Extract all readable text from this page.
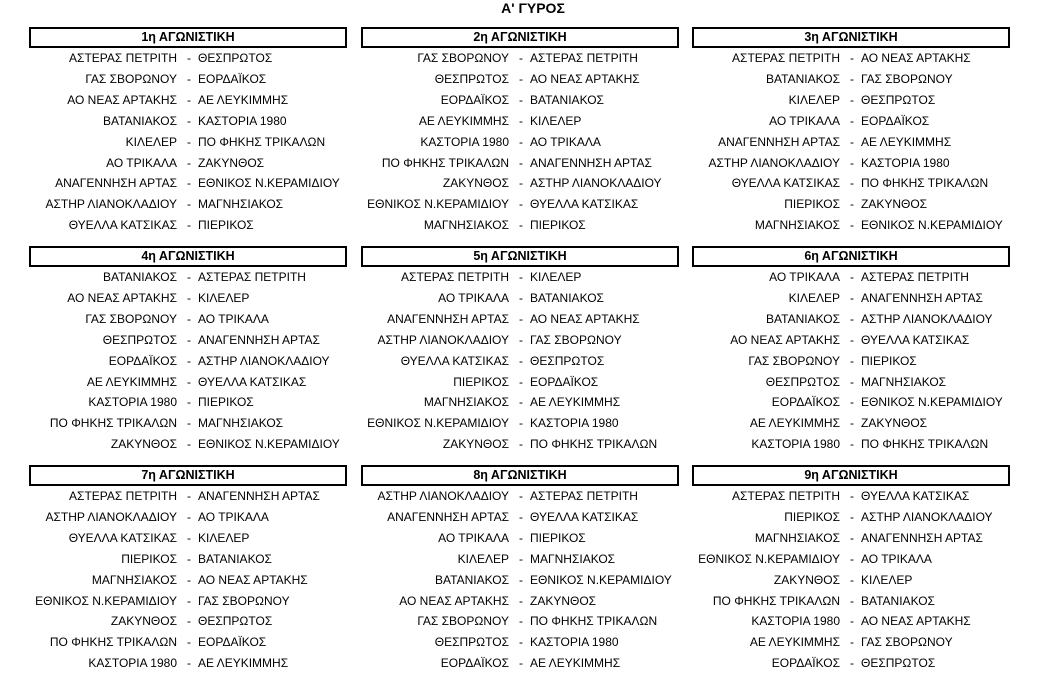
Α' ΓΥΡΟΣ
1η ΑΓΩΝΙΣΤΙΚΗ
ΑΣΤΕΡΑΣ ΠΕΤΡΙΤΗ - ΘΕΣΠΡΩΤΟΣ
ΓΑΣ ΣΒΟΡΩΝΟΥ - ΕΟΡΔΑΪΚΟΣ
ΑΟ ΝΕΑΣ ΑΡΤΑΚΗΣ - ΑΕ ΛΕΥΚΙΜΜΗΣ
ΒΑΤΑΝΙΑΚΟΣ - ΚΑΣΤΟΡΙΑ 1980
ΚΙΛΕΛΕΡ - ΠΟ ΦΗΚΗΣ ΤΡΙΚΑΛΩΝ
ΑΟ ΤΡΙΚΑΛΑ - ΖΑΚΥΝΘΟΣ
ΑΝΑΓΕΝΝΗΣΗ ΑΡΤΑΣ - ΕΘΝΙΚΟΣ Ν.ΚΕΡΑΜΙΔΙΟΥ
ΑΣΤΗΡ ΛΙΑΝΟΚΛΑΔΙΟΥ - ΜΑΓΝΗΣΙΑΚΟΣ
ΘΥΕΛΛΑ ΚΑΤΣΙΚΑΣ - ΠΙΕΡΙΚΟΣ
2η ΑΓΩΝΙΣΤΙΚΗ
ΓΑΣ ΣΒΟΡΩΝΟΥ - ΑΣΤΕΡΑΣ ΠΕΤΡΙΤΗ
ΘΕΣΠΡΩΤΟΣ - ΑΟ ΝΕΑΣ ΑΡΤΑΚΗΣ
ΕΟΡΔΑΪΚΟΣ - ΒΑΤΑΝΙΑΚΟΣ
ΑΕ ΛΕΥΚΙΜΜΗΣ - ΚΙΛΕΛΕΡ
ΚΑΣΤΟΡΙΑ 1980 - ΑΟ ΤΡΙΚΑΛΑ
ΠΟ ΦΗΚΗΣ ΤΡΙΚΑΛΩΝ - ΑΝΑΓΕΝΝΗΣΗ ΑΡΤΑΣ
ΖΑΚΥΝΘΟΣ - ΑΣΤΗΡ ΛΙΑΝΟΚΛΑΔΙΟΥ
ΕΘΝΙΚΟΣ Ν.ΚΕΡΑΜΙΔΙΟΥ - ΘΥΕΛΛΑ ΚΑΤΣΙΚΑΣ
ΜΑΓΝΗΣΙΑΚΟΣ - ΠΙΕΡΙΚΟΣ
3η ΑΓΩΝΙΣΤΙΚΗ
ΑΣΤΕΡΑΣ ΠΕΤΡΙΤΗ - ΑΟ ΝΕΑΣ ΑΡΤΑΚΗΣ
ΒΑΤΑΝΙΑΚΟΣ - ΓΑΣ ΣΒΟΡΩΝΟΥ
ΚΙΛΕΛΕΡ - ΘΕΣΠΡΩΤΟΣ
ΑΟ ΤΡΙΚΑΛΑ - ΕΟΡΔΑΪΚΟΣ
ΑΝΑΓΕΝΝΗΣΗ ΑΡΤΑΣ - ΑΕ ΛΕΥΚΙΜΜΗΣ
ΑΣΤΗΡ ΛΙΑΝΟΚΛΑΔΙΟΥ - ΚΑΣΤΟΡΙΑ 1980
ΘΥΕΛΛΑ ΚΑΤΣΙΚΑΣ - ΠΟ ΦΗΚΗΣ ΤΡΙΚΑΛΩΝ
ΠΙΕΡΙΚΟΣ - ΖΑΚΥΝΘΟΣ
ΜΑΓΝΗΣΙΑΚΟΣ - ΕΘΝΙΚΟΣ Ν.ΚΕΡΑΜΙΔΙΟΥ
4η ΑΓΩΝΙΣΤΙΚΗ
ΒΑΤΑΝΙΑΚΟΣ - ΑΣΤΕΡΑΣ ΠΕΤΡΙΤΗ
ΑΟ ΝΕΑΣ ΑΡΤΑΚΗΣ - ΚΙΛΕΛΕΡ
ΓΑΣ ΣΒΟΡΩΝΟΥ - ΑΟ ΤΡΙΚΑΛΑ
ΘΕΣΠΡΩΤΟΣ - ΑΝΑΓΕΝΝΗΣΗ ΑΡΤΑΣ
ΕΟΡΔΑΪΚΟΣ - ΑΣΤΗΡ ΛΙΑΝΟΚΛΑΔΙΟΥ
ΑΕ ΛΕΥΚΙΜΜΗΣ - ΘΥΕΛΛΑ ΚΑΤΣΙΚΑΣ
ΚΑΣΤΟΡΙΑ 1980 - ΠΙΕΡΙΚΟΣ
ΠΟ ΦΗΚΗΣ ΤΡΙΚΑΛΩΝ - ΜΑΓΝΗΣΙΑΚΟΣ
ΖΑΚΥΝΘΟΣ - ΕΘΝΙΚΟΣ Ν.ΚΕΡΑΜΙΔΙΟΥ
5η ΑΓΩΝΙΣΤΙΚΗ
ΑΣΤΕΡΑΣ ΠΕΤΡΙΤΗ - ΚΙΛΕΛΕΡ
ΑΟ ΤΡΙΚΑΛΑ - ΒΑΤΑΝΙΑΚΟΣ
ΑΝΑΓΕΝΝΗΣΗ ΑΡΤΑΣ - ΑΟ ΝΕΑΣ ΑΡΤΑΚΗΣ
ΑΣΤΗΡ ΛΙΑΝΟΚΛΑΔΙΟΥ - ΓΑΣ ΣΒΟΡΩΝΟΥ
ΘΥΕΛΛΑ ΚΑΤΣΙΚΑΣ - ΘΕΣΠΡΩΤΟΣ
ΠΙΕΡΙΚΟΣ - ΕΟΡΔΑΪΚΟΣ
ΜΑΓΝΗΣΙΑΚΟΣ - ΑΕ ΛΕΥΚΙΜΜΗΣ
ΕΘΝΙΚΟΣ Ν.ΚΕΡΑΜΙΔΙΟΥ - ΚΑΣΤΟΡΙΑ 1980
ΖΑΚΥΝΘΟΣ - ΠΟ ΦΗΚΗΣ ΤΡΙΚΑΛΩΝ
6η ΑΓΩΝΙΣΤΙΚΗ
ΑΟ ΤΡΙΚΑΛΑ - ΑΣΤΕΡΑΣ ΠΕΤΡΙΤΗ
ΚΙΛΕΛΕΡ - ΑΝΑΓΕΝΝΗΣΗ ΑΡΤΑΣ
ΒΑΤΑΝΙΑΚΟΣ - ΑΣΤΗΡ ΛΙΑΝΟΚΛΑΔΙΟΥ
ΑΟ ΝΕΑΣ ΑΡΤΑΚΗΣ - ΘΥΕΛΛΑ ΚΑΤΣΙΚΑΣ
ΓΑΣ ΣΒΟΡΩΝΟΥ - ΠΙΕΡΙΚΟΣ
ΘΕΣΠΡΩΤΟΣ - ΜΑΓΝΗΣΙΑΚΟΣ
ΕΟΡΔΑΪΚΟΣ - ΕΘΝΙΚΟΣ Ν.ΚΕΡΑΜΙΔΙΟΥ
ΑΕ ΛΕΥΚΙΜΜΗΣ - ΖΑΚΥΝΘΟΣ
ΚΑΣΤΟΡΙΑ 1980 - ΠΟ ΦΗΚΗΣ ΤΡΙΚΑΛΩΝ
7η ΑΓΩΝΙΣΤΙΚΗ
ΑΣΤΕΡΑΣ ΠΕΤΡΙΤΗ - ΑΝΑΓΕΝΝΗΣΗ ΑΡΤΑΣ
ΑΣΤΗΡ ΛΙΑΝΟΚΛΑΔΙΟΥ - ΑΟ ΤΡΙΚΑΛΑ
ΘΥΕΛΛΑ ΚΑΤΣΙΚΑΣ - ΚΙΛΕΛΕΡ
ΠΙΕΡΙΚΟΣ - ΒΑΤΑΝΙΑΚΟΣ
ΜΑΓΝΗΣΙΑΚΟΣ - ΑΟ ΝΕΑΣ ΑΡΤΑΚΗΣ
ΕΘΝΙΚΟΣ Ν.ΚΕΡΑΜΙΔΙΟΥ - ΓΑΣ ΣΒΟΡΩΝΟΥ
ΖΑΚΥΝΘΟΣ - ΘΕΣΠΡΩΤΟΣ
ΠΟ ΦΗΚΗΣ ΤΡΙΚΑΛΩΝ - ΕΟΡΔΑΪΚΟΣ
ΚΑΣΤΟΡΙΑ 1980 - ΑΕ ΛΕΥΚΙΜΜΗΣ
8η ΑΓΩΝΙΣΤΙΚΗ
ΑΣΤΗΡ ΛΙΑΝΟΚΛΑΔΙΟΥ - ΑΣΤΕΡΑΣ ΠΕΤΡΙΤΗ
ΑΝΑΓΕΝΝΗΣΗ ΑΡΤΑΣ - ΘΥΕΛΛΑ ΚΑΤΣΙΚΑΣ
ΑΟ ΤΡΙΚΑΛΑ - ΠΙΕΡΙΚΟΣ
ΚΙΛΕΛΕΡ - ΜΑΓΝΗΣΙΑΚΟΣ
ΒΑΤΑΝΙΑΚΟΣ - ΕΘΝΙΚΟΣ Ν.ΚΕΡΑΜΙΔΙΟΥ
ΑΟ ΝΕΑΣ ΑΡΤΑΚΗΣ - ΖΑΚΥΝΘΟΣ
ΓΑΣ ΣΒΟΡΩΝΟΥ - ΠΟ ΦΗΚΗΣ ΤΡΙΚΑΛΩΝ
ΘΕΣΠΡΩΤΟΣ - ΚΑΣΤΟΡΙΑ 1980
ΕΟΡΔΑΪΚΟΣ - ΑΕ ΛΕΥΚΙΜΜΗΣ
9η ΑΓΩΝΙΣΤΙΚΗ
ΑΣΤΕΡΑΣ ΠΕΤΡΙΤΗ - ΘΥΕΛΛΑ ΚΑΤΣΙΚΑΣ
ΠΙΕΡΙΚΟΣ - ΑΣΤΗΡ ΛΙΑΝΟΚΛΑΔΙΟΥ
ΜΑΓΝΗΣΙΑΚΟΣ - ΑΝΑΓΕΝΝΗΣΗ ΑΡΤΑΣ
ΕΘΝΙΚΟΣ Ν.ΚΕΡΑΜΙΔΙΟΥ - ΑΟ ΤΡΙΚΑΛΑ
ΖΑΚΥΝΘΟΣ - ΚΙΛΕΛΕΡ
ΠΟ ΦΗΚΗΣ ΤΡΙΚΑΛΩΝ - ΒΑΤΑΝΙΑΚΟΣ
ΚΑΣΤΟΡΙΑ 1980 - ΑΟ ΝΕΑΣ ΑΡΤΑΚΗΣ
ΑΕ ΛΕΥΚΙΜΜΗΣ - ΓΑΣ ΣΒΟΡΩΝΟΥ
ΕΟΡΔΑΪΚΟΣ - ΘΕΣΠΡΩΤΟΣ
